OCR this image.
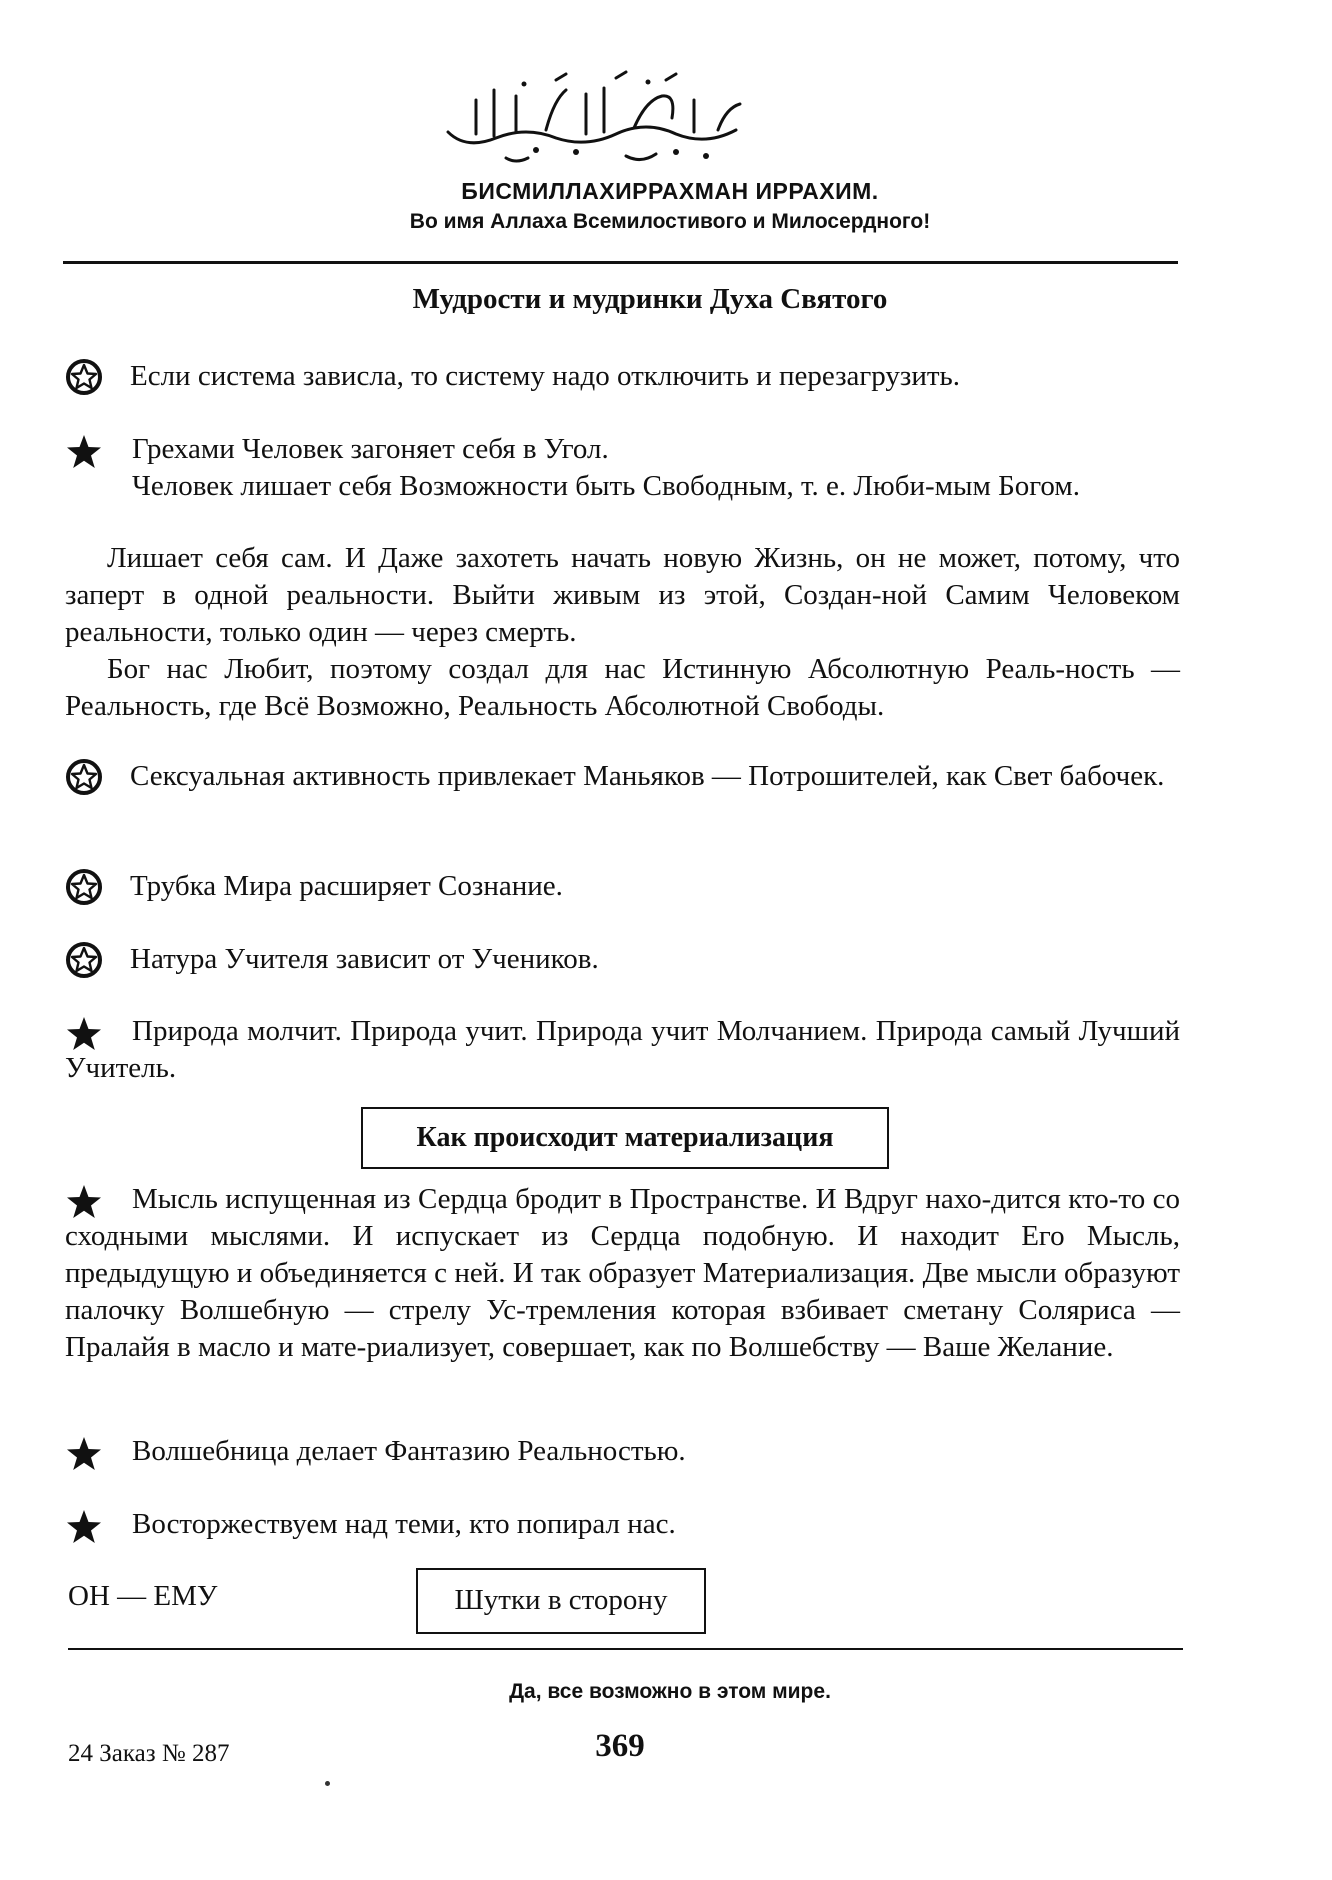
БИСМИЛЛАХИРРАХМАН ИРРАХИМ.
Во имя Аллаха Всемилостивого и Милосердного!
Мудрости и мудринки Духа Святого
Если система зависла, то систему надо отключить и перезагрузить.
Грехами Человек загоняет себя в Угол.
Человек лишает себя Возможности быть Свободным, т. е. Люби-мым Богом.
Лишает себя сам. И Даже захотеть начать новую Жизнь, он не может, потому, что заперт в одной реальности. Выйти живым из этой, Создан-ной Самим Человеком реальности, только один — через смерть.
Бог нас Любит, поэтому создал для нас Истинную Абсолютную Реаль-ность — Реальность, где Всё Возможно, Реальность Абсолютной Свободы.
Сексуальная активность привлекает Маньяков — Потрошителей, как Свет бабочек.
Трубка Мира расширяет Сознание.
Натура Учителя зависит от Учеников.
Природа молчит. Природа учит. Природа учит Молчанием. Природа самый Лучший Учитель.
Как происходит материализация
Мысль испущенная из Сердца бродит в Пространстве. И Вдруг нахо-дится кто-то со сходными мыслями. И испускает из Сердца подобную. И находит Его Мысль, предыдущую и объединяется с ней. И так образует Материализация. Две мысли образуют палочку Волшебную — стрелу Ус-тремления которая взбивает сметану Соляриса — Пралайя в масло и мате-риализует, совершает, как по Волшебству — Ваше Желание.
Волшебница делает Фантазию Реальностью.
Восторжествуем над теми, кто попирал нас.
ОН — ЕМУ	Шутки в сторону
Да, все возможно в этом мире.
24 Заказ № 287	369
